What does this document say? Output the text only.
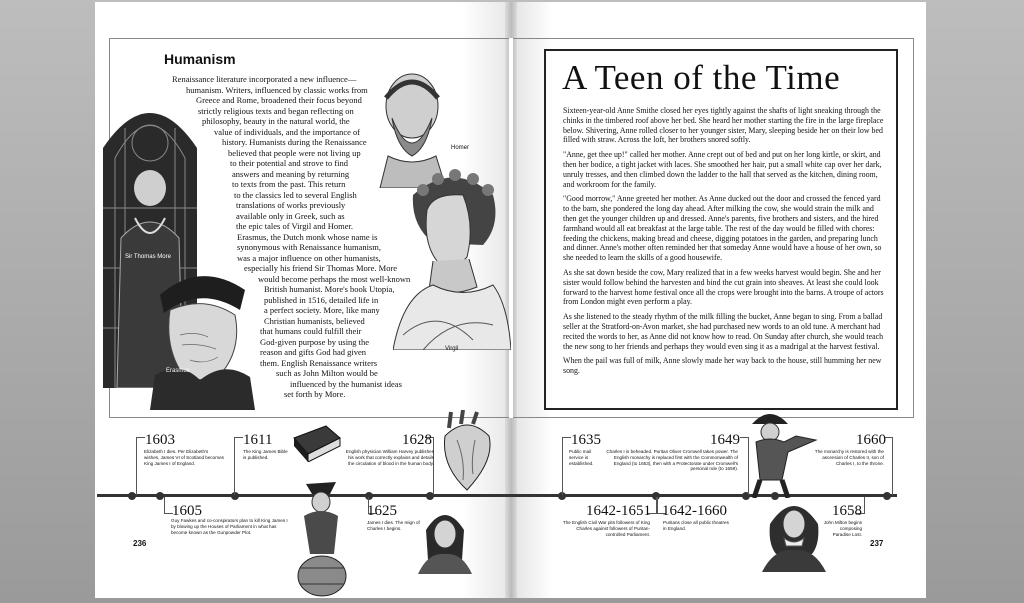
Sir Thomas More
Erasmus
Homer
Virgil
Humanism
Renaissance literature incorporated a new influence—
humanism. Writers, influenced by classic works from
Greece and Rome, broadened their focus beyond
strictly religious texts and began reflecting on
philosophy, beauty in the natural world, the
value of individuals, and the importance of
history. Humanists during the Renaissance
believed that people were not living up
to their potential and strove to find
answers and meaning by returning
to texts from the past. This return
to the classics led to several English
translations of works previously
available only in Greek, such as
the epic tales of Virgil and Homer.
Erasmus, the Dutch monk whose name is
synonymous with Renaissance humanism,
was a major influence on other humanists,
especially his friend Sir Thomas More. More
would become perhaps the most well-known
British humanist. More's book Utopia,
published in 1516, detailed life in
a perfect society. More, like many
Christian humanists, believed
that humans could fulfill their
God-given purpose by using the
reason and gifts God had given
them. English Renaissance writers
such as John Milton would be
influenced by the humanist ideas
set forth by More.
A Teen of the Time

Sixteen-year-old Anne Smithe closed her eyes tightly against the shafts of light sneaking through the chinks in the timbered roof above her bed. She heard her mother starting the fire in the large fireplace below. Shivering, Anne rolled closer to her younger sister, Mary, sleeping beside her on their low bed filled with straw. Across the loft, her brothers snored softly.

"Anne, get thee up!" called her mother. Anne crept out of bed and put on her long kirtle, or skirt, and then her bodice, a tight jacket with laces. She smoothed her hair, put a small white cap over her dark, unruly tresses, and then climbed down the ladder to the hall that served as the kitchen, dining room, and workroom for the family.

"Good morrow," Anne greeted her mother. As Anne ducked out the door and crossed the fenced yard to the barn, she pondered the long day ahead. After milking the cow, she would strain the milk and then get the younger children up and dressed. Anne's parents, five brothers and sisters, and the hired farmhand would all eat breakfast at the large table. The rest of the day would be filled with chores: feeding the chickens, making bread and cheese, digging potatoes in the garden, and preparing lunch and dinner. Anne's mother often reminded her that someday Anne would have a house of her own, so she needed to learn the skills of a good housewife.

As she sat down beside the cow, Mary realized that in a few weeks harvest would begin. She and her sister would follow behind the harvesten and bind the cut grain into sheaves. At least she could look forward to the harvest home festival once all the crops were brought into the barns. A troupe of actors from London might even perform a play.

As she listened to the steady rhythm of the milk filling the bucket, Anne began to sing. From a ballad seller at the Stratford-on-Avon market, she had purchased new words to an old tune. A merchant had recited the words to her, as Anne did not know how to read. On Sunday after church, she would teach the new song to her friends and perhaps they would even sing it as a madrigal at the harvest festival.

When the pail was full of milk, Anne slowly made her way back to the house, still humming her new song.

1603
Elizabeth I dies. Per Elizabeth's wishes, James VI of Scotland becomes King James I of England.
1605
Guy Fawkes and co-conspirators plan to kill King James I by blowing up the Houses of Parliament in what has become known as the Gunpowder Plot.
1611
The King James Bible is published.
1625
James I dies. The reign of Charles I begins.
1628
English physician William Harvey publishes his work that correctly explains and details the circulation of blood in the human body.
1635
Public mail service is established.
1642-1651
The English Civil War pits followers of King Charles against followers of Puritan-controlled Parliament.
1642-1660
Puritans close all public theatres in England.
1649
Charles I is beheaded. Puritan Oliver Cromwell takes power. The English monarchy is replaced first with the Commonwealth of England (to 1653), then with a Protectorate under Cromwell's personal rule (to 1659).
1658
John Milton begins composing Paradise Lost.
1660
The monarchy is restored with the ascension of Charles II, son of Charles I, to the throne.
236	237
